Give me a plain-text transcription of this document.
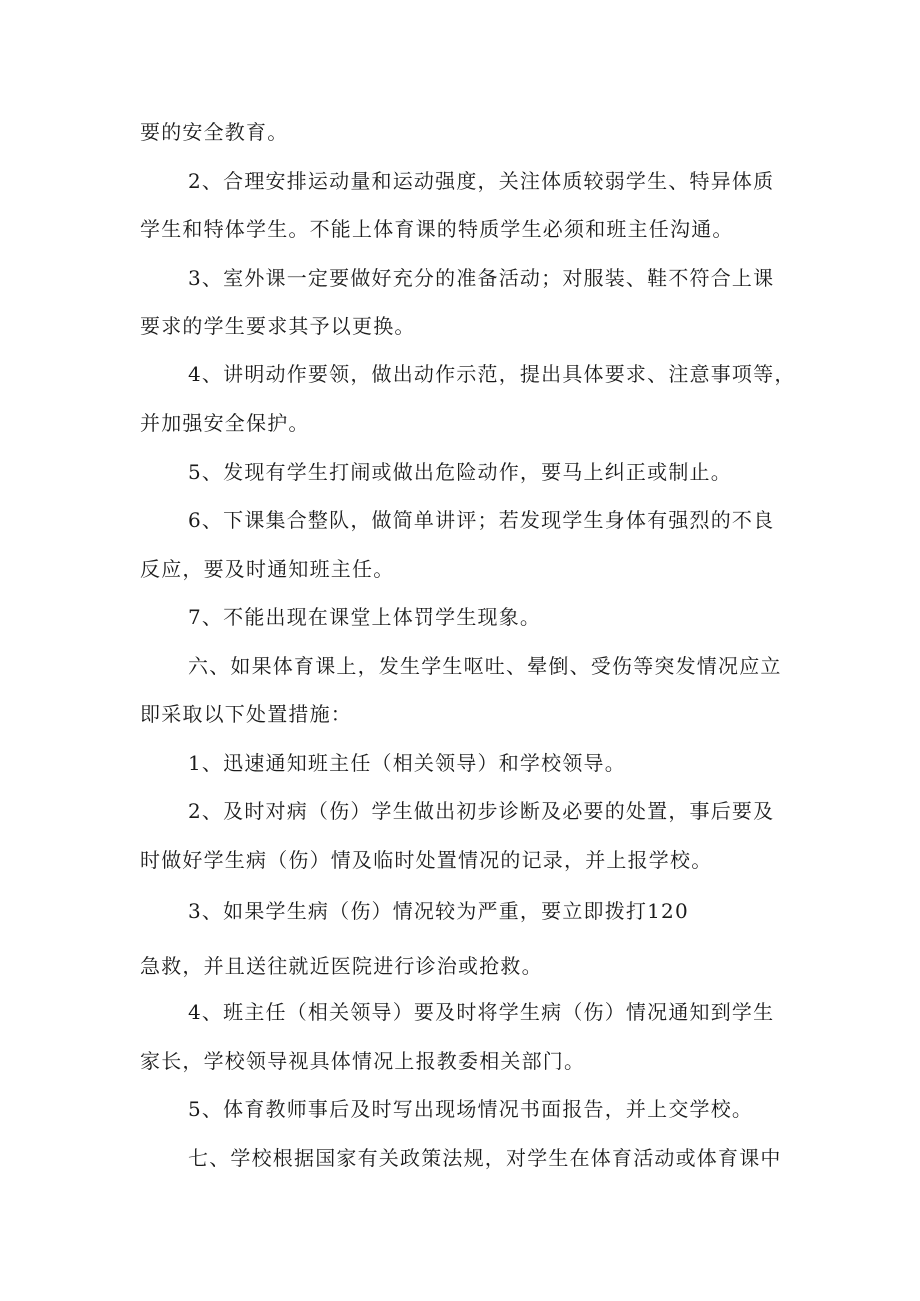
要的安全教育。
2、合理安排运动量和运动强度，关注体质较弱学生、特异体质
学生和特体学生。不能上体育课的特质学生必须和班主任沟通。
3、室外课一定要做好充分的准备活动；对服装、鞋不符合上课
要求的学生要求其予以更换。
4、讲明动作要领，做出动作示范，提出具体要求、注意事项等，
并加强安全保护。
5、发现有学生打闹或做出危险动作，要马上纠正或制止。
6、下课集合整队，做简单讲评；若发现学生身体有强烈的不良
反应，要及时通知班主任。
7、不能出现在课堂上体罚学生现象。
六、如果体育课上，发生学生呕吐、晕倒、受伤等突发情况应立
即采取以下处置措施：
1、迅速通知班主任（相关领导）和学校领导。
2、及时对病（伤）学生做出初步诊断及必要的处置，事后要及
时做好学生病（伤）情及临时处置情况的记录，并上报学校。
3、如果学生病（伤）情况较为严重，要立即拨打120
急救，并且送往就近医院进行诊治或抢救。
4、班主任（相关领导）要及时将学生病（伤）情况通知到学生
家长，学校领导视具体情况上报教委相关部门。
5、体育教师事后及时写出现场情况书面报告，并上交学校。
七、学校根据国家有关政策法规，对学生在体育活动或体育课中
